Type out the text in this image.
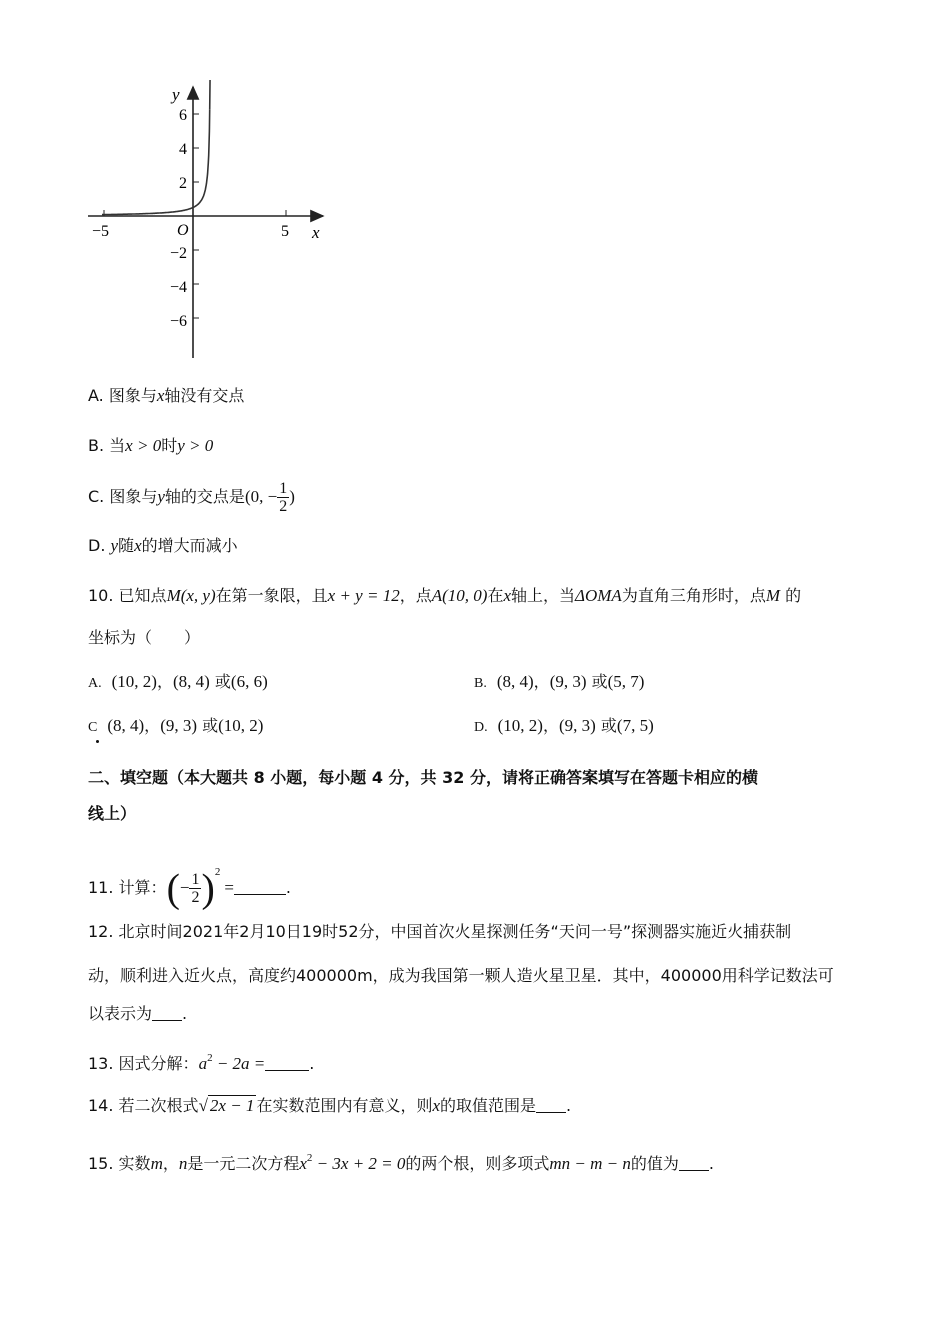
y
x
O
6
4
2
−2
−4
−6
−5	5
A. 图象与x轴没有交点
B. 当x > 0时y > 0
C. 图象与y轴的交点是(0, − $\frac{1}{2}$ )
D. y随x的增大而减小
10. 已知点M(x, y)在第一象限，且x + y = 12，点A(10, 0)在x轴上，当ΔOMA为直角三角形时，点M 的
坐标为（　　）
A. (10, 2)，(8, 4) 或(6, 6)	B. (8, 4)，(9, 3) 或(5, 7)
C (8, 4)，(9, 3) 或(10, 2)	D. (10, 2)，(9, 3) 或(7, 5)
二、填空题（本大题共 8 小题，每小题 4 分，共 32 分，请将正确答案填写在答题卡相应的横
线上）
11. 计算：(− $\frac{1}{2} )^2=$	.
12. 北京时间2021年2月10日19时52分，中国首次火星探测任务“天问一号”探测器实施近火捕获制
动，顺利进入近火点，高度约400000m，成为我国第一颗人造火星卫星．其中，400000用科学记数法可
以表示为 .
13. 因式分解：$a^2 - 2a$ =	.
14. 若二次根式√ 2x − 1 在实数范围内有意义，则x的取值范围是 .
15. 实数m，n是一元二次方程$x^2 - 3x + 2 = 0$的两个根，则多项式mn − m − n的值为 .
